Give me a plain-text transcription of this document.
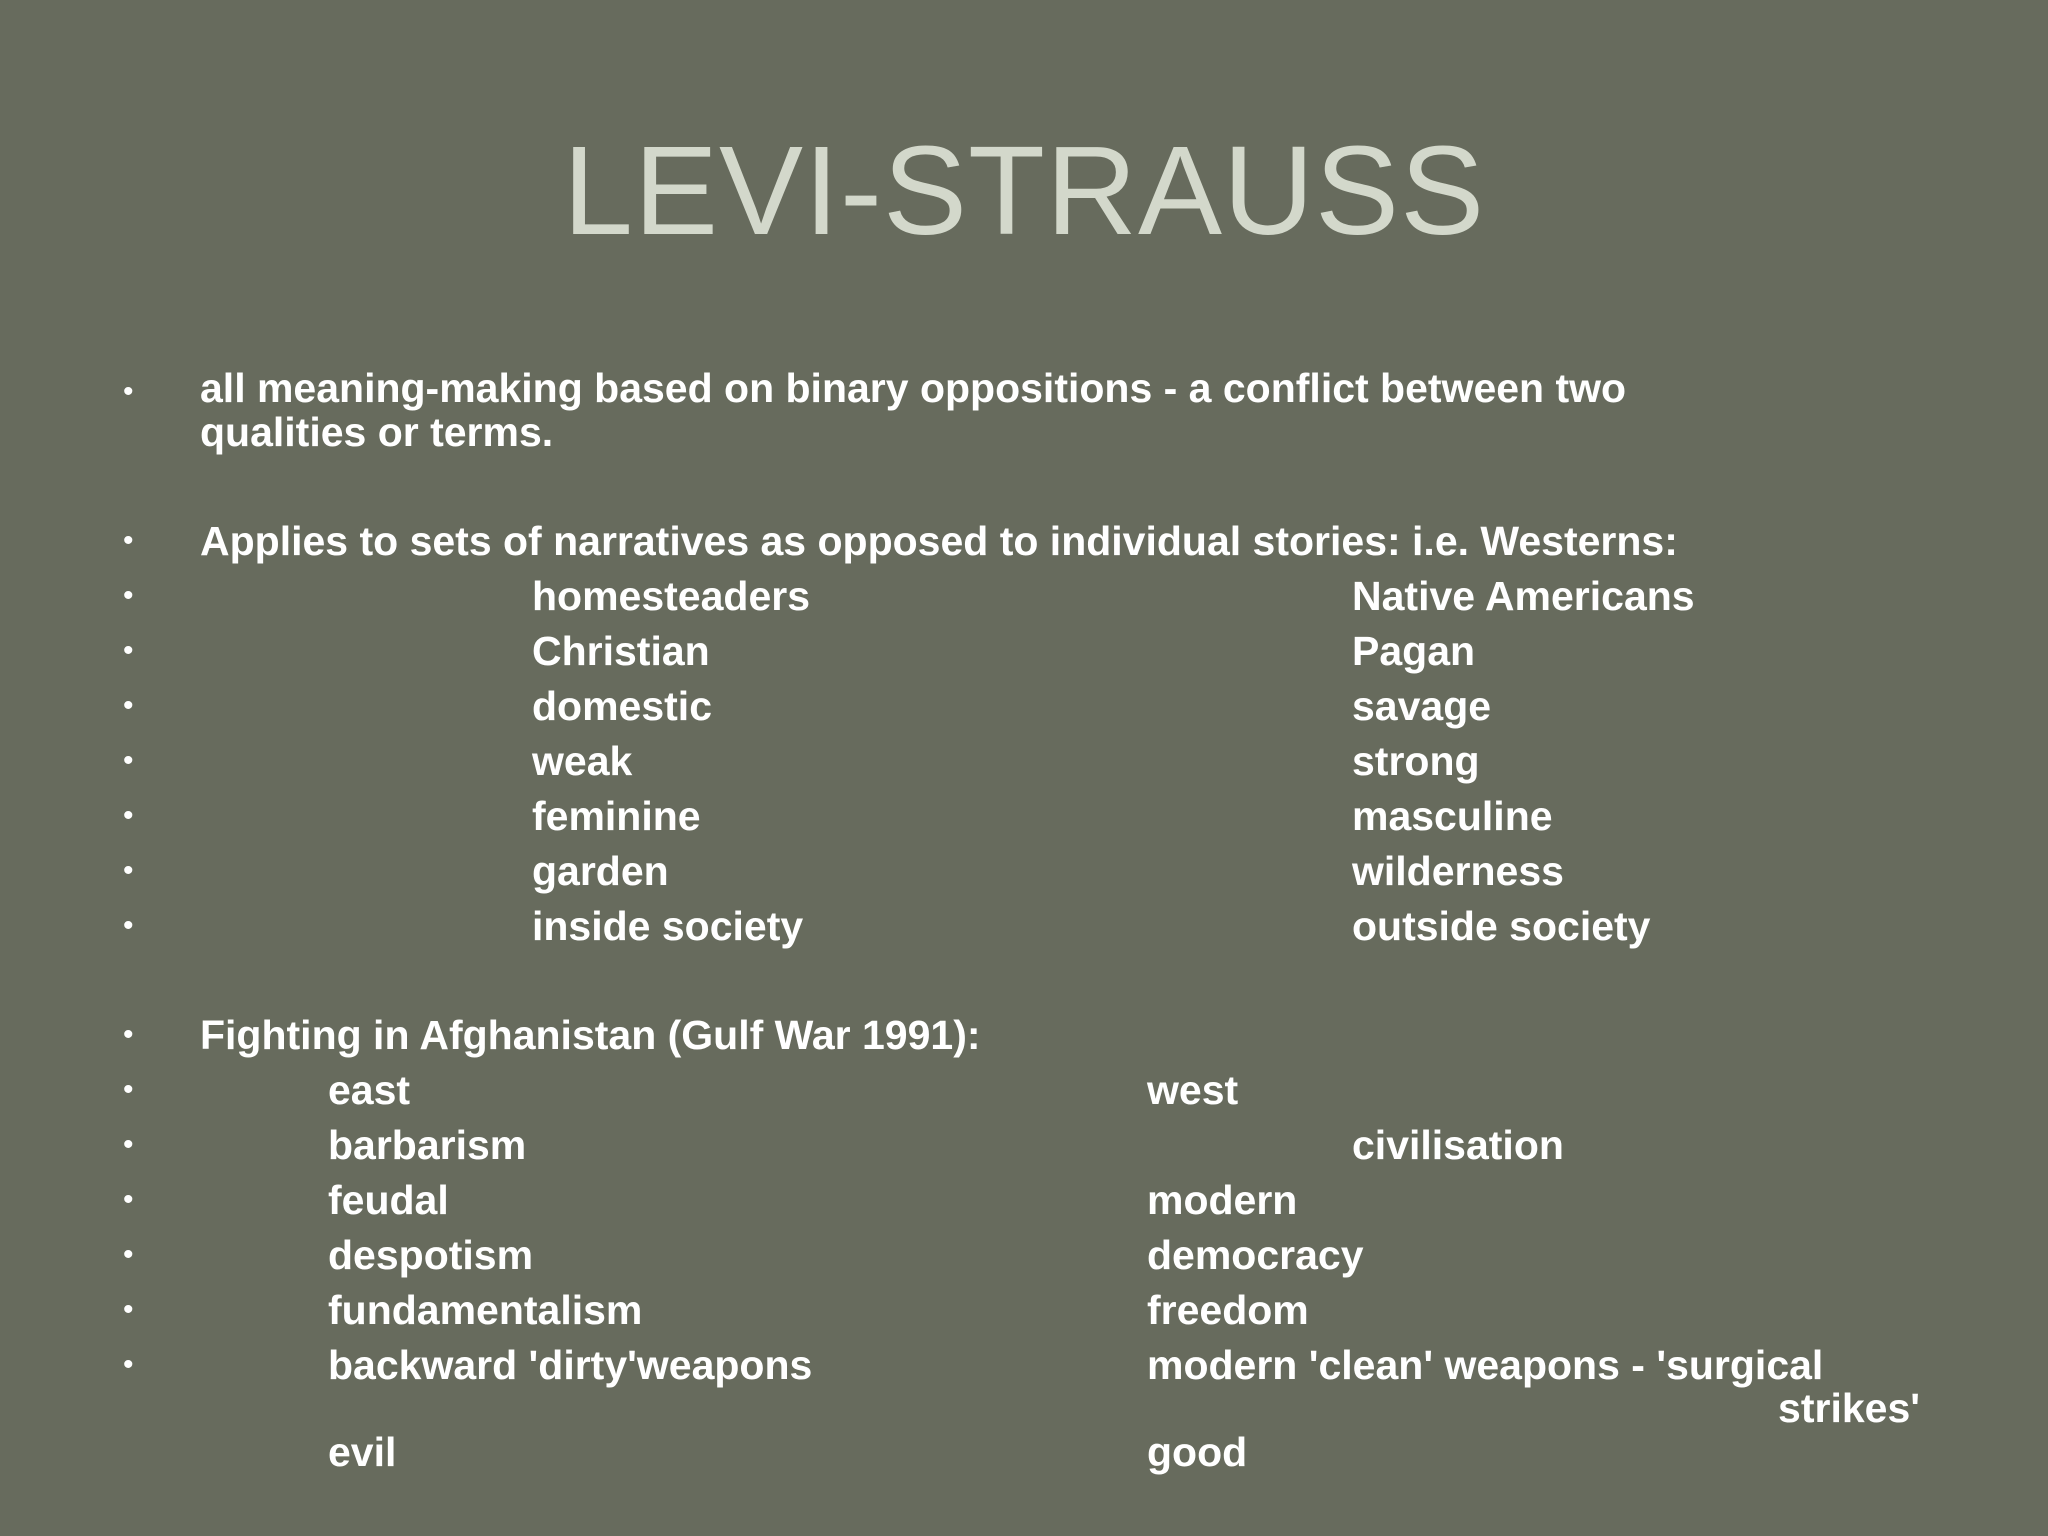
LEVI-STRAUSS
• all meaning-making based on binary oppositions - a conflict between two
qualities or terms.
• Applies to sets of narratives as opposed to individual stories: i.e. Westerns:
•	homesteaders	Native Americans
•	Christian	Pagan
•	domestic	savage
•	weak	strong
•	feminine	masculine
•	garden	wilderness
•	inside society	outside society
• Fighting in Afghanistan (Gulf War 1991):
•	east	west
•	barbarism	civilisation
•	feudal	modern
•	despotism	democracy
•	fundamentalism	freedom
•	backward 'dirty'weapons	modern 'clean' weapons - 'surgical
strikes'
evil	good
